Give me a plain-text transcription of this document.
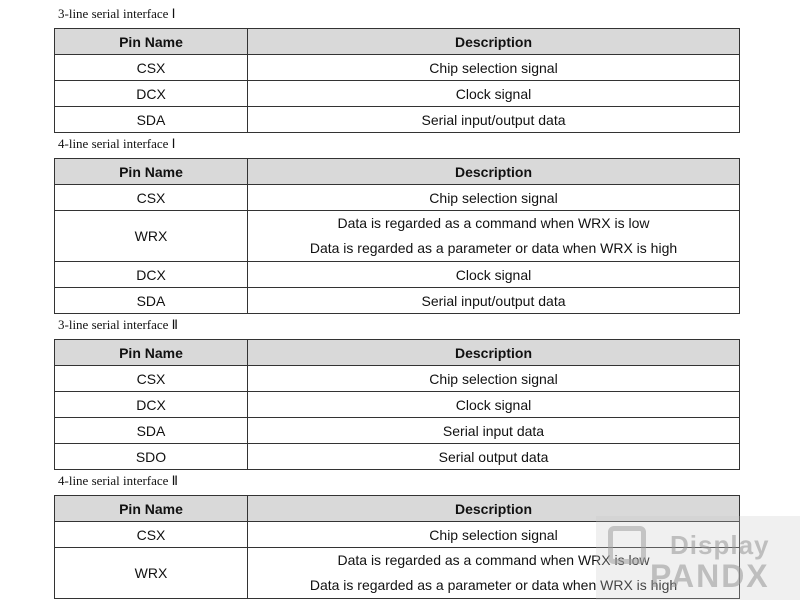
3-line serial interface Ⅰ
Pin Name	Description
CSX	Chip selection signal
DCX	Clock signal
SDA	Serial input/output data
4-line serial interface Ⅰ
Pin Name	Description
CSX	Chip selection signal
WRX	Data is regarded as a command when WRX is low
Data is regarded as a parameter or data when WRX is high

DCX	Clock signal
SDA	Serial input/output data
3-line serial interface Ⅱ
Pin Name	Description
CSX	Chip selection signal
DCX	Clock signal
SDA	Serial input data
SDO	Serial output data
4-line serial interface Ⅱ
Pin Name	Description
CSX	Chip selection signal
WRX	Data is regarded as a command when WRX is low
Data is regarded as a parameter or data when WRX is high
Display
PANDX
